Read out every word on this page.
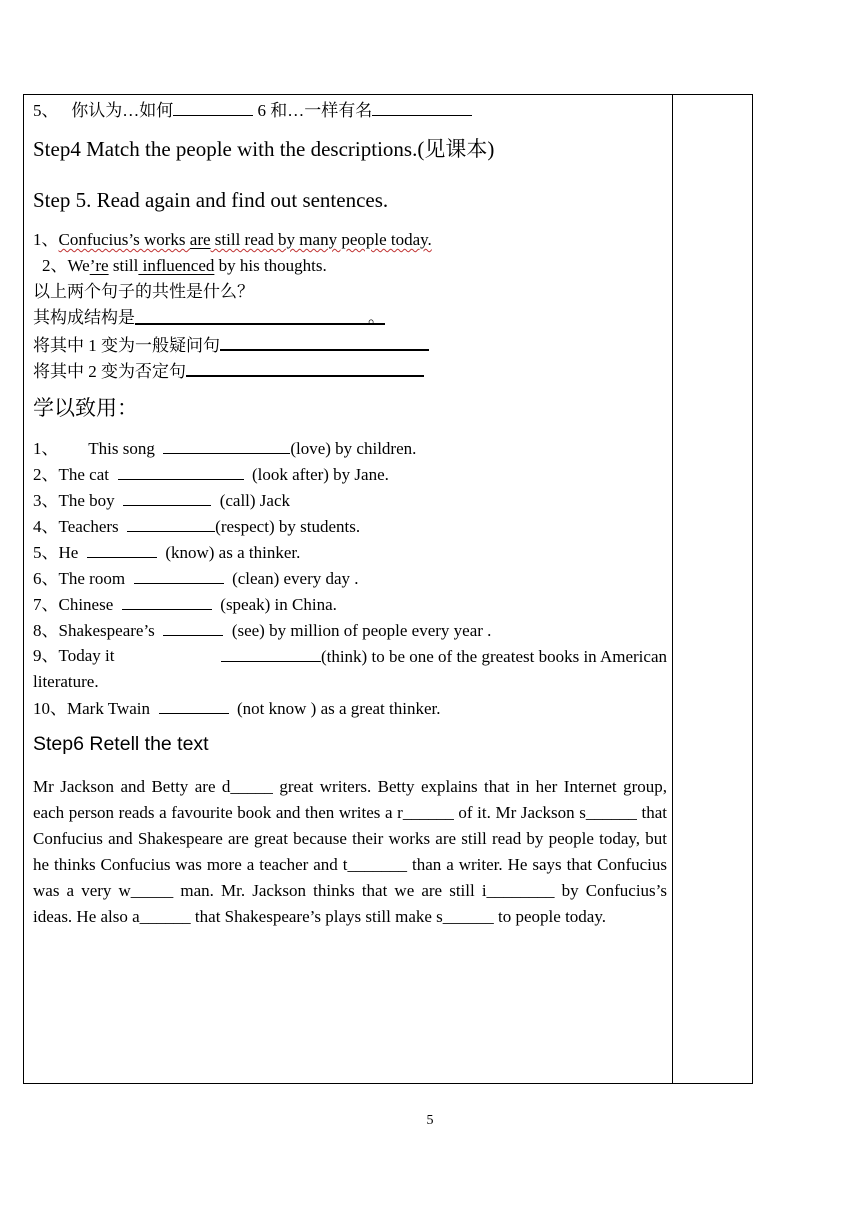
5、 你认为…如何	6 和…一样有名
Step4 Match the people with the descriptions.(见课本)
Step 5. Read again and find out sentences.
1、Confucius’s works are still read by many people today.
2、We’re still influenced by his thoughts.
以上两个句子的共性是什么？
其构成结构是	。
将其中 1 变为一般疑问句
将其中 2 变为否定句
学以致用：
1、 This song	(love) by children.
2、The cat	(look after) by Jane.
3、The boy	(call) Jack
4、Teachers	(respect) by students.
5、He	(know) as a thinker.
6、The room	(clean) every day .
7、Chinese	(speak) in China.
8、Shakespeare’s	(see) by million of people every year .
9、Today it	(think) to be one of the greatest books in American
literature.
10、Mark Twain	(not know ) as a great thinker.
Step6 Retell the text
Mr Jackson and Betty are d_____ great writers. Betty explains that in her Internet group, each person reads a favourite book and then writes a r______ of it. Mr Jackson s______ that Confucius and Shakespeare are great because their works are still read by people today, but he thinks Confucius was more a teacher and t_______ than a writer. He says that Confucius was a very w_____ man. Mr. Jackson thinks that we are still i________ by Confucius’s ideas. He also a______ that Shakespeare’s plays still make s______ to people today.
5
